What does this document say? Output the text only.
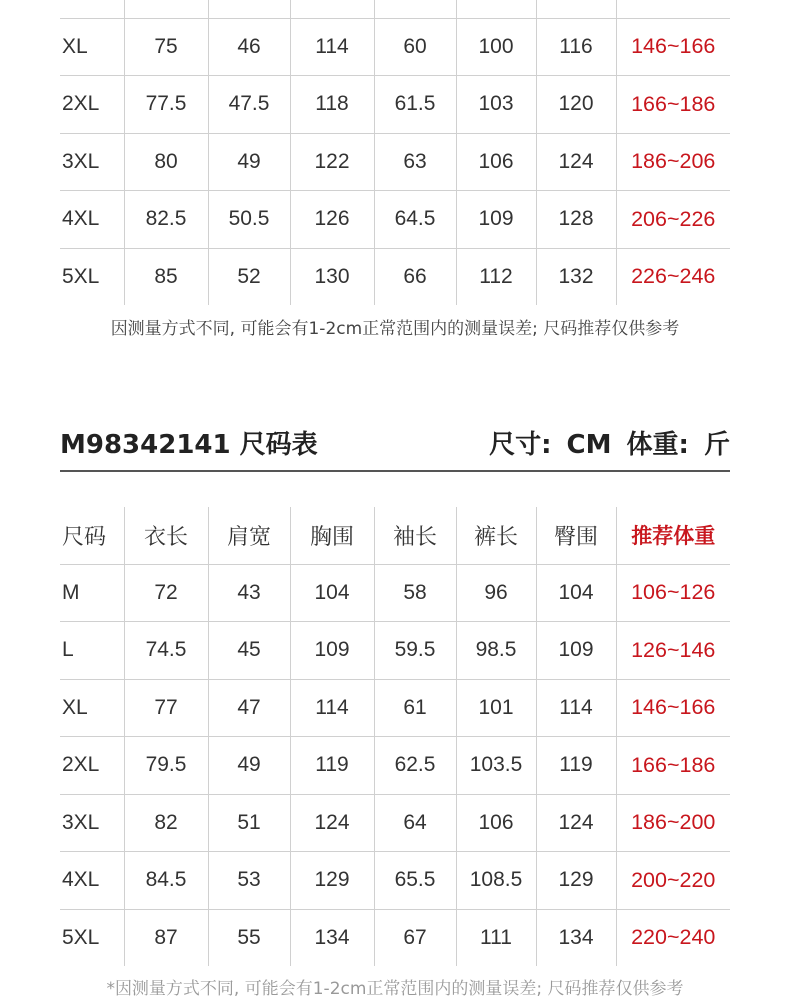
XL	75	46	114	60	100	116	146~166
2XL	77.5	47.5	118	61.5	103	120	166~186
3XL	80	49	122	63	106	124	186~206
4XL	82.5	50.5	126	64.5	109	128	206~226
5XL	85	52	130	66	112	132	226~246
因测量方式不同, 可能会有1-2cm正常范围内的测量误差; 尺码推荐仅供参考
M98342141 尺码表	尺寸: CM 体重: 斤
尺码	衣长	肩宽	胸围	袖长	裤长	臀围	推荐体重
M	72	43	104	58	96	104	106~126
L	74.5	45	109	59.5	98.5	109	126~146
XL	77	47	114	61	101	114	146~166
2XL	79.5	49	119	62.5	103.5	119	166~186
3XL	82	51	124	64	106	124	186~200
4XL	84.5	53	129	65.5	108.5	129	200~220
5XL	87	55	134	67	111	134	220~240
*因测量方式不同, 可能会有1-2cm正常范围内的测量误差; 尺码推荐仅供参考
